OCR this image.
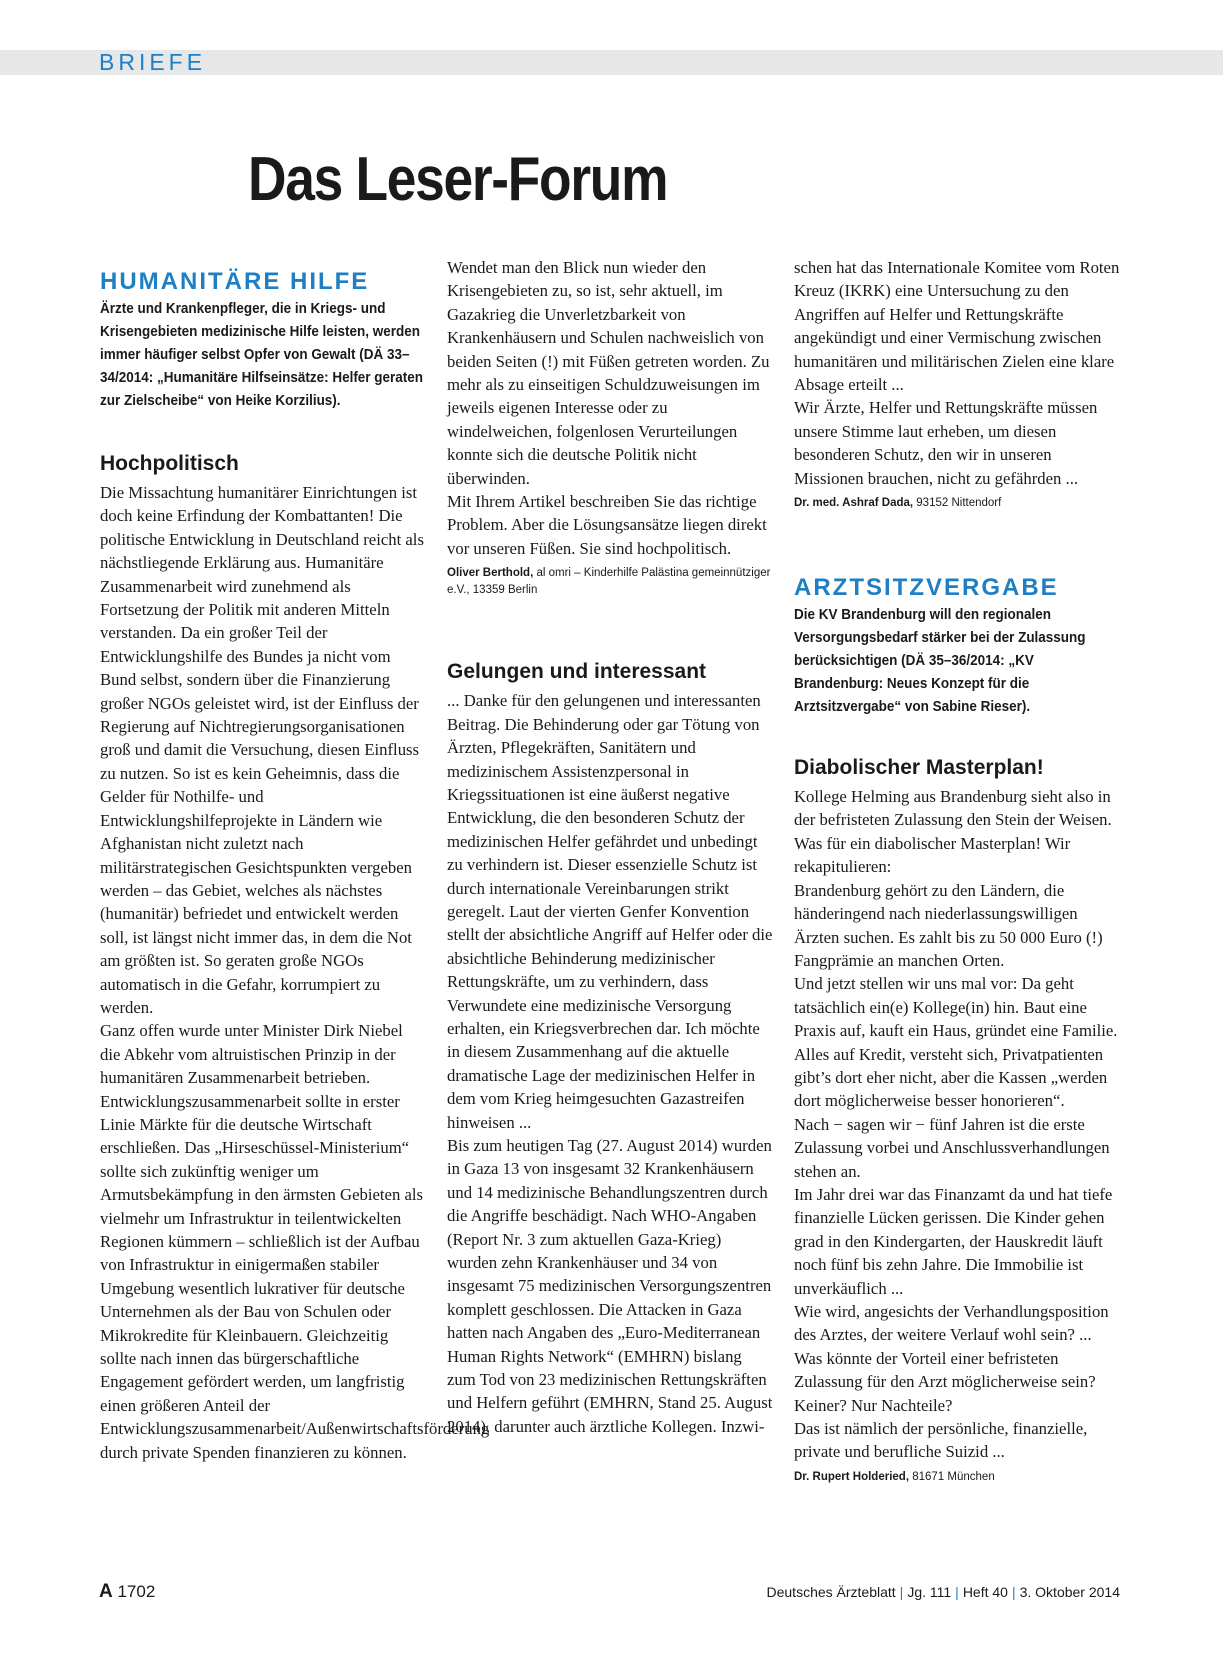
BRIEFE
Das Leser-Forum
HUMANITÄRE HILFE

Ärzte und Krankenpfleger, die in Kriegs- und Krisengebieten medizinische Hilfe leisten, werden immer häufiger selbst Opfer von Gewalt (DÄ 33–34/2014: „Humanitäre Hilfseinsätze: Helfer geraten zur Zielscheibe“ von Heike Korzilius).

Hochpolitisch

Die Missachtung humanitärer Einrichtungen ist doch keine Erfindung der Kombattanten! Die politische Entwicklung in Deutschland reicht als nächstliegende Erklärung aus. Humanitäre Zusammenarbeit wird zunehmend als Fortsetzung der Politik mit anderen Mitteln verstanden. Da ein großer Teil der Entwicklungshilfe des Bundes ja nicht vom Bund selbst, sondern über die Finanzierung großer NGOs geleistet wird, ist der Einfluss der Regierung auf Nichtregierungsorganisationen groß und damit die Versuchung, diesen Einfluss zu nutzen. So ist es kein Geheimnis, dass die Gelder für Nothilfe- und Entwicklungshilfeprojekte in Ländern wie Afghanistan nicht zuletzt nach militärstrategischen Gesichtspunkten vergeben werden – das Gebiet, welches als nächstes (humanitär) befriedet und entwickelt werden soll, ist längst nicht immer das, in dem die Not am größten ist. So geraten große NGOs automatisch in die Gefahr, korrumpiert zu werden.

Ganz offen wurde unter Minister Dirk Niebel die Abkehr vom altruistischen Prinzip in der humanitären Zusammenarbeit betrieben.

Entwicklungszusammenarbeit sollte in erster Linie Märkte für die deutsche Wirtschaft erschließen. Das „Hirseschüssel-Ministerium“ sollte sich zukünftig weniger um Armutsbekämpfung in den ärmsten Gebieten als vielmehr um Infrastruktur in teilentwickelten Regionen kümmern – schließlich ist der Aufbau von Infrastruktur in einigermaßen stabiler Umgebung wesentlich lukrativer für deutsche Unternehmen als der Bau von Schulen oder Mikrokredite für Kleinbauern. Gleichzeitig sollte nach innen das bürgerschaftliche Engagement gefördert werden, um langfristig einen größeren Anteil der Entwicklungszusammenarbeit/Außenwirtschaftsförderung durch private Spenden finanzieren zu können.

Wendet man den Blick nun wieder den Krisengebieten zu, so ist, sehr aktuell, im Gazakrieg die Unverletzbarkeit von Krankenhäusern und Schulen nachweislich von beiden Seiten (!) mit Füßen getreten worden. Zu mehr als zu einseitigen Schuldzuweisungen im jeweils eigenen Interesse oder zu windelweichen, folgenlosen Verurteilungen konnte sich die deutsche Politik nicht überwinden.

Mit Ihrem Artikel beschreiben Sie das richtige Problem. Aber die Lösungsansätze liegen direkt vor unseren Füßen. Sie sind hochpolitisch.

Oliver Berthold, al omri – Kinderhilfe Palästina gemeinnütziger e.V., 13359 Berlin

Gelungen und interessant

... Danke für den gelungenen und interessanten Beitrag. Die Behinderung oder gar Tötung von Ärzten, Pflegekräften, Sanitätern und medizinischem Assistenzpersonal in Kriegssituationen ist eine äußerst negative Entwicklung, die den besonderen Schutz der medizinischen Helfer gefährdet und unbedingt zu verhindern ist. Dieser essenzielle Schutz ist durch internationale Vereinbarungen strikt geregelt. Laut der vierten Genfer Konvention stellt der absichtliche Angriff auf Helfer oder die absichtliche Behinderung medizinischer Rettungskräfte, um zu verhindern, dass Verwundete eine medizinische Versorgung erhalten, ein Kriegsverbrechen dar. Ich möchte in diesem Zusammenhang auf die aktuelle dramatische Lage der medizinischen Helfer in dem vom Krieg heimgesuchten Gazastreifen hinweisen ...

Bis zum heutigen Tag (27. August 2014) wurden in Gaza 13 von insgesamt 32 Krankenhäusern und 14 medizinische Behandlungszentren durch die Angriffe beschädigt. Nach WHO-Angaben (Report Nr. 3 zum aktuellen Gaza-Krieg) wurden zehn Krankenhäuser und 34 von insgesamt 75 medizinischen Versorgungszentren komplett geschlossen. Die Attacken in Gaza hatten nach Angaben des „Euro-Mediterranean Human Rights Network“ (EMHRN) bislang zum Tod von 23 medizinischen Rettungskräften und Helfern geführt (EMHRN, Stand 25. August 2014), darunter auch ärztliche Kollegen. Inzwi-

schen hat das Internationale Komitee vom Roten Kreuz (IKRK) eine Untersuchung zu den Angriffen auf Helfer und Rettungskräfte angekündigt und einer Vermischung zwischen humanitären und militärischen Zielen eine klare Absage erteilt ...

Wir Ärzte, Helfer und Rettungskräfte müssen unsere Stimme laut erheben, um diesen besonderen Schutz, den wir in unseren Missionen brauchen, nicht zu gefährden ...

Dr. med. Ashraf Dada, 93152 Nittendorf

ARZTSITZVERGABE

Die KV Brandenburg will den regionalen Versorgungsbedarf stärker bei der Zulassung berücksichtigen (DÄ 35–36/2014: „KV Brandenburg: Neues Konzept für die Arztsitzvergabe“ von Sabine Rieser).

Diabolischer Masterplan!

Kollege Helming aus Brandenburg sieht also in der befristeten Zulassung den Stein der Weisen. Was für ein diabolischer Masterplan! Wir rekapitulieren:

Brandenburg gehört zu den Ländern, die händeringend nach niederlassungswilligen Ärzten suchen. Es zahlt bis zu 50 000 Euro (!) Fangprämie an manchen Orten.

Und jetzt stellen wir uns mal vor: Da geht tatsächlich ein(e) Kollege(in) hin. Baut eine Praxis auf, kauft ein Haus, gründet eine Familie. Alles auf Kredit, versteht sich, Privatpatienten gibt’s dort eher nicht, aber die Kassen „werden dort möglicherweise besser honorieren“.

Nach − sagen wir − fünf Jahren ist die erste Zulassung vorbei und Anschlussverhandlungen stehen an.

Im Jahr drei war das Finanzamt da und hat tiefe finanzielle Lücken gerissen. Die Kinder gehen grad in den Kindergarten, der Hauskredit läuft noch fünf bis zehn Jahre. Die Immobilie ist unverkäuflich ...

Wie wird, angesichts der Verhandlungsposition des Arztes, der weitere Verlauf wohl sein? ...

Was könnte der Vorteil einer befristeten Zulassung für den Arzt möglicherweise sein? Keiner? Nur Nachteile?

Das ist nämlich der persönliche, finanzielle, private und berufliche Suizid ...

Dr. Rupert Holderied, 81671 München

A 1702	Deutsches Ärzteblatt | Jg. 111 | Heft 40 | 3. Oktober 2014
